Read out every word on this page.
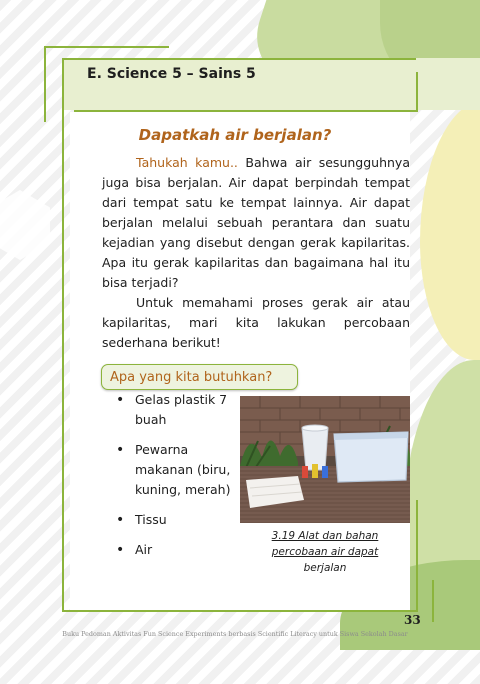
E. Science 5 – Sains 5
Dapatkah air berjalan?

Tahukah kamu.. Bahwa air sesungguhnya juga bisa berjalan. Air dapat berpindah tempat dari tempat satu ke tempat lainnya. Air dapat berjalan melalui sebuah perantara dan suatu kejadian yang disebut dengan gerak kapilaritas. Apa itu gerak kapilaritas dan bagaimana hal itu bisa terjadi?

Untuk memahami proses gerak air atau kapilaritas, mari kita lakukan percobaan sederhana berikut!

Apa yang kita butuhkan?
• Gelas plastik 7 buah
• Pewarna makanan (biru, kuning, merah)
• Tissu
• Air

3.19 Alat dan bahan
percobaan air dapat
berjalan

33
Buku Pedoman Aktivitas Fun Science Experiments berbasis Scientific Literacy untuk Siswa Sekolah Dasar
